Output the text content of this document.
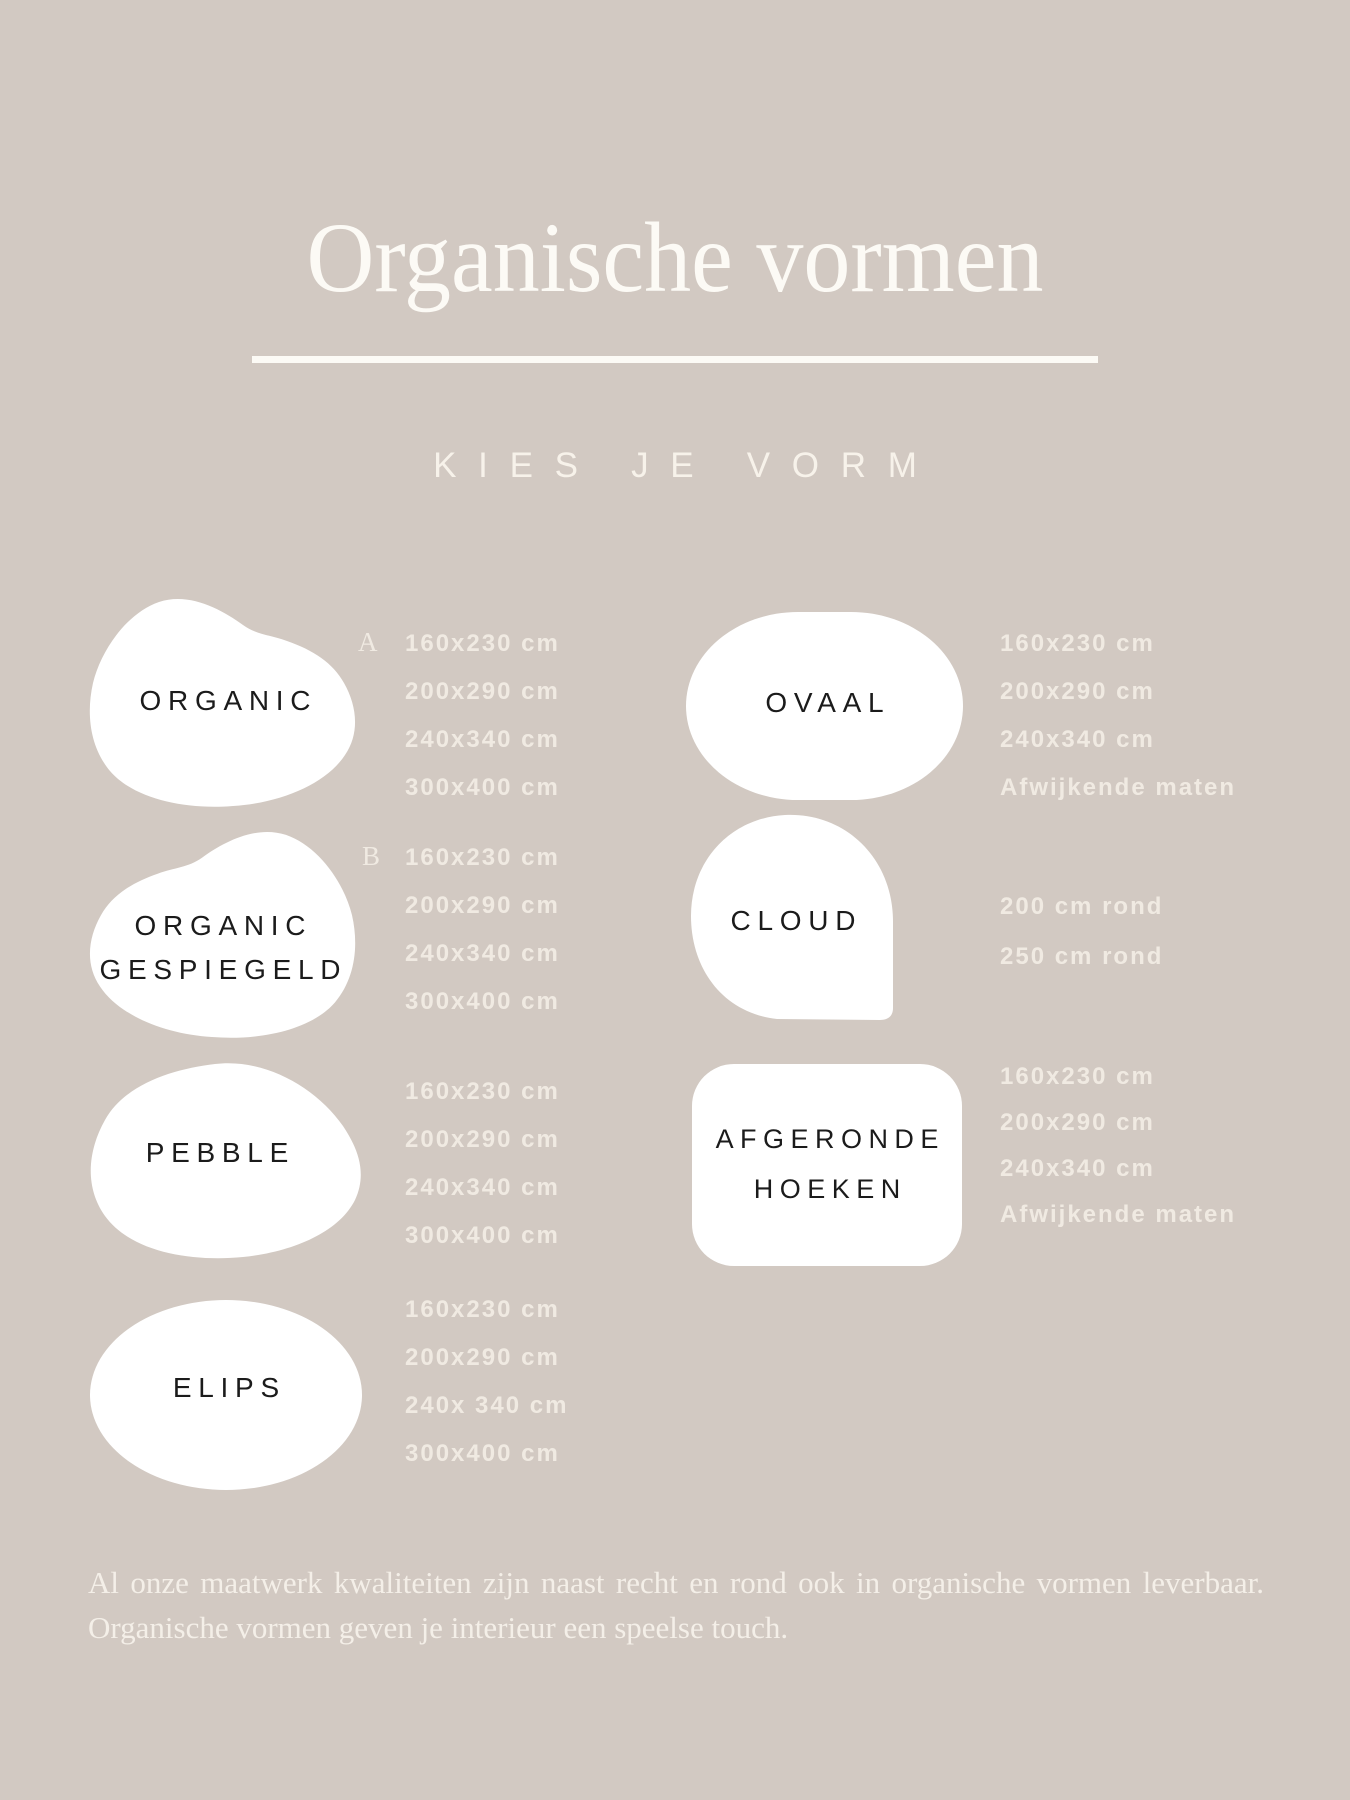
Organische vormen
KIES JE VORM
ORGANIC
A 160x230 cm
200x290 cm
240x340 cm
300x400 cm
ORGANIC
GESPIEGELD
B 160x230 cm
200x290 cm
240x340 cm
300x400 cm
PEBBLE
160x230 cm
200x290 cm
240x340 cm
300x400 cm
ELIPS
160x230 cm
200x290 cm
240x 340 cm
300x400 cm
OVAAL
160x230 cm
200x290 cm
240x340 cm
Afwijkende maten
CLOUD	200 cm rond
250 cm rond
AFGERONDE
HOEKEN
160x230 cm
200x290 cm
240x340 cm
Afwijkende maten
Al onze maatwerk kwaliteiten zijn naast recht en rond ook in organische vormen leverbaar. Organische vormen geven je interieur een speelse touch.
